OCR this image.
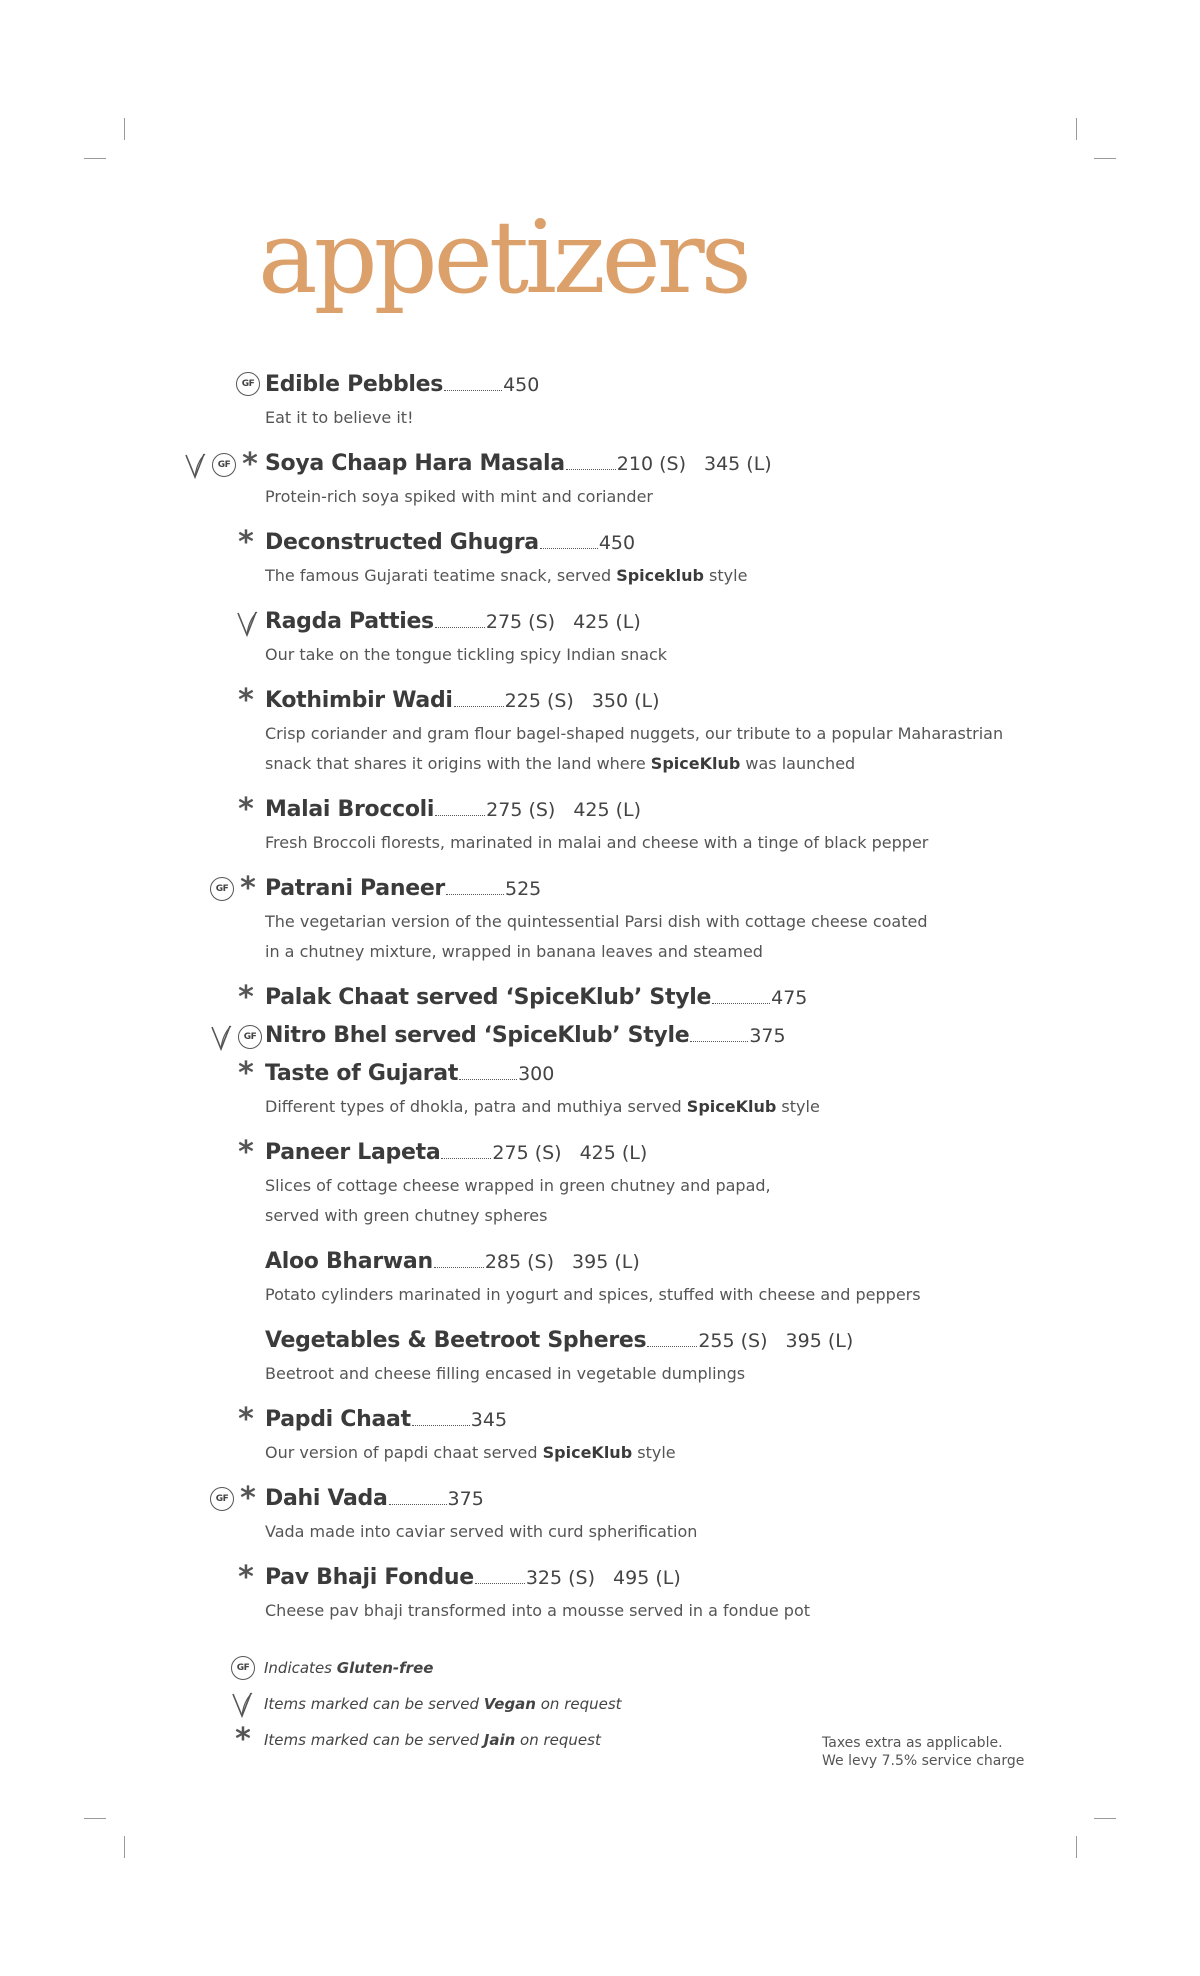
appetizers
GF Edible Pebbles	450
Eat it to believe it!
GF * Soya Chaap Hara Masala	210 (S) 345 (L)
Protein-rich soya spiked with mint and coriander
* Deconstructed Ghugra	450
The famous Gujarati teatime snack, served Spiceklub style
Ragda Patties	275 (S) 425 (L)
Our take on the tongue tickling spicy Indian snack
* Kothimbir Wadi	225 (S) 350 (L)
Crisp coriander and gram flour bagel-shaped nuggets, our tribute to a popular Maharastrian
snack that shares it origins with the land where SpiceKlub was launched
* Malai Broccoli	275 (S) 425 (L)
Fresh Broccoli florests, marinated in malai and cheese with a tinge of black pepper
GF * Patrani Paneer	525
The vegetarian version of the quintessential Parsi dish with cottage cheese coated
in a chutney mixture, wrapped in banana leaves and steamed
* Palak Chaat served ‘SpiceKlub’ Style	475
GF Nitro Bhel served ‘SpiceKlub’ Style	375
* Taste of Gujarat	300
Different types of dhokla, patra and muthiya served SpiceKlub style
* Paneer Lapeta	275 (S) 425 (L)
Slices of cottage cheese wrapped in green chutney and papad,
served with green chutney spheres
Aloo Bharwan	285 (S) 395 (L)
Potato cylinders marinated in yogurt and spices, stuffed with cheese and peppers
Vegetables & Beetroot Spheres	255 (S) 395 (L)
Beetroot and cheese filling encased in vegetable dumplings
* Papdi Chaat	345
Our version of papdi chaat served SpiceKlub style
GF * Dahi Vada	375
Vada made into caviar served with curd spherification
* Pav Bhaji Fondue	325 (S) 495 (L)
Cheese pav bhaji transformed into a mousse served in a fondue pot
GF Indicates Gluten-free
Items marked can be served Vegan on request
* Items marked can be served Jain on request	Taxes extra as applicable.
We levy 7.5% service charge
